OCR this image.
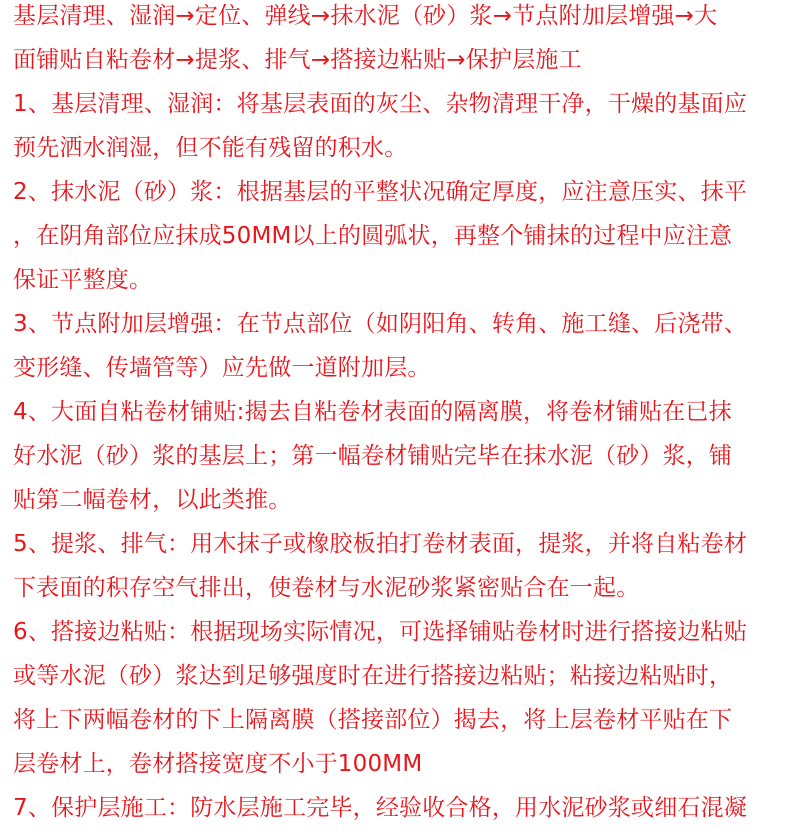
基层清理、湿润→定位、弹线→抹水泥（砂）浆→节点附加层增强→大

面铺贴自粘卷材→提浆、排气→搭接边粘贴→保护层施工

1、基层清理、湿润：将基层表面的灰尘、杂物清理干净，干燥的基面应

预先洒水润湿，但不能有残留的积水。

2、抹水泥（砂）浆：根据基层的平整状况确定厚度，应注意压实、抹平

，在阴角部位应抹成50MM以上的圆弧状，再整个铺抹的过程中应注意

保证平整度。

3、节点附加层增强：在节点部位（如阴阳角、转角、施工缝、后浇带、

变形缝、传墙管等）应先做一道附加层。

4、大面自粘卷材铺贴:揭去自粘卷材表面的隔离膜，将卷材铺贴在已抹

好水泥（砂）浆的基层上；第一幅卷材铺贴完毕在抹水泥（砂）浆，铺

贴第二幅卷材，以此类推。

5、提浆、排气：用木抹子或橡胶板拍打卷材表面，提浆，并将自粘卷材

下表面的积存空气排出，使卷材与水泥砂浆紧密贴合在一起。

6、搭接边粘贴：根据现场实际情况，可选择铺贴卷材时进行搭接边粘贴

或等水泥（砂）浆达到足够强度时在进行搭接边粘贴；粘接边粘贴时，

将上下两幅卷材的下上隔离膜（搭接部位）揭去，将上层卷材平贴在下

层卷材上，卷材搭接宽度不小于100MM

7、保护层施工：防水层施工完毕，经验收合格，用水泥砂浆或细石混凝
